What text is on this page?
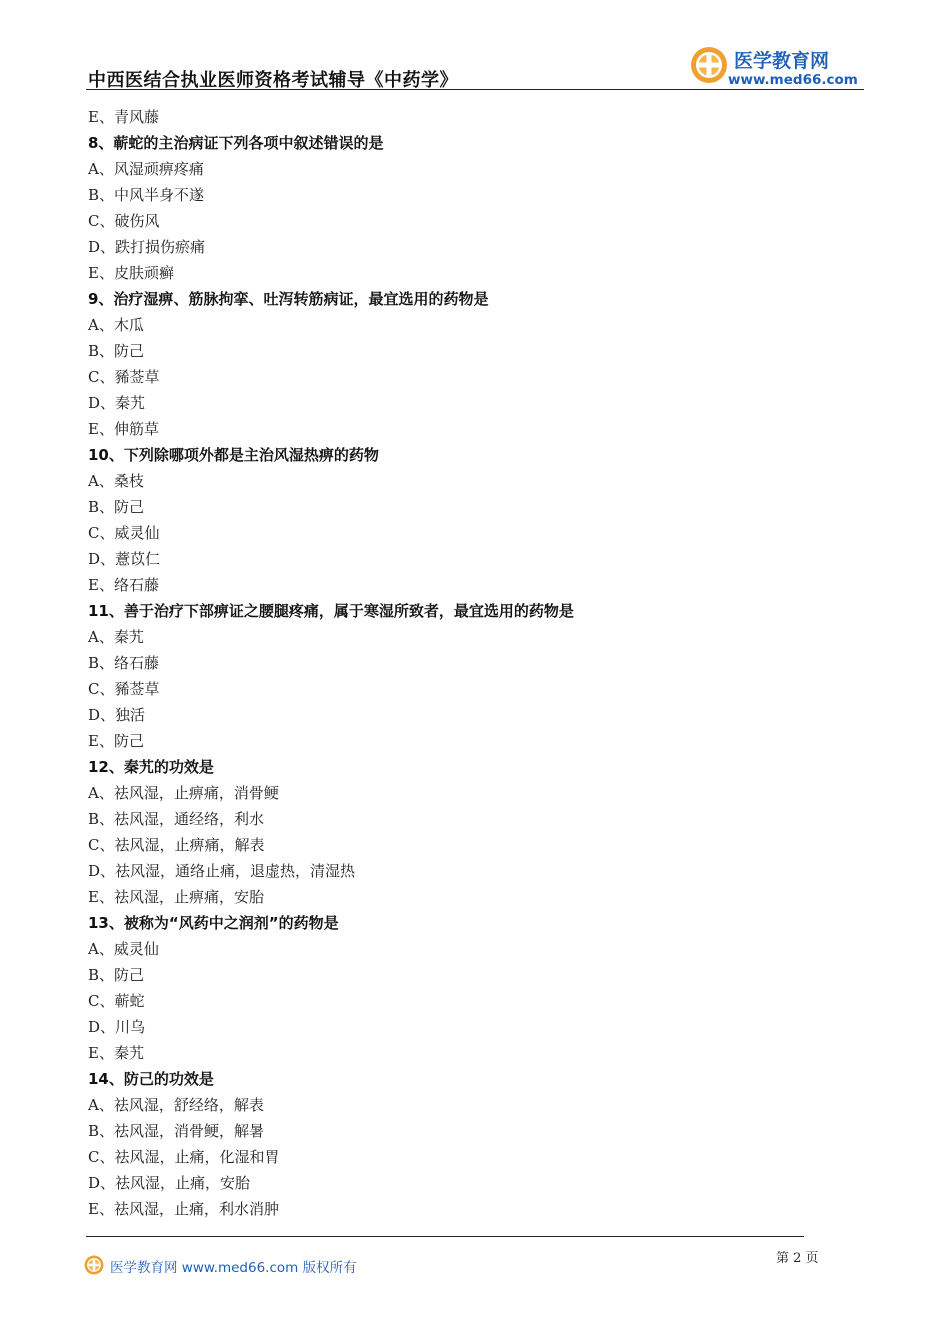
中西医结合执业医师资格考试辅导《中药学》
医学教育网
www.med66.com
E、青风藤
8、蕲蛇的主治病证下列各项中叙述错误的是
A、风湿顽痹疼痛
B、中风半身不遂
C、破伤风
D、跌打损伤瘀痛
E、皮肤顽癣
9、治疗湿痹、筋脉拘挛、吐泻转筋病证，最宜选用的药物是
A、木瓜
B、防己
C、豨莶草
D、秦艽
E、伸筋草
10、下列除哪项外都是主治风湿热痹的药物
A、桑枝
B、防己
C、威灵仙
D、薏苡仁
E、络石藤
11、善于治疗下部痹证之腰腿疼痛，属于寒湿所致者，最宜选用的药物是
A、秦艽
B、络石藤
C、豨莶草
D、独活
E、防己
12、秦艽的功效是
A、祛风湿，止痹痛，消骨鲠
B、祛风湿，通经络，利水
C、祛风湿，止痹痛，解表
D、祛风湿，通络止痛，退虚热，清湿热
E、祛风湿，止痹痛，安胎
13、被称为“风药中之润剂”的药物是
A、威灵仙
B、防己
C、蕲蛇
D、川乌
E、秦艽
14、防己的功效是
A、祛风湿，舒经络，解表
B、祛风湿，消骨鲠，解暑
C、祛风湿，止痛，化湿和胃
D、祛风湿，止痛，安胎
E、祛风湿，止痛，利水消肿
医学教育网 www.med66.com 版权所有
第 2 页
